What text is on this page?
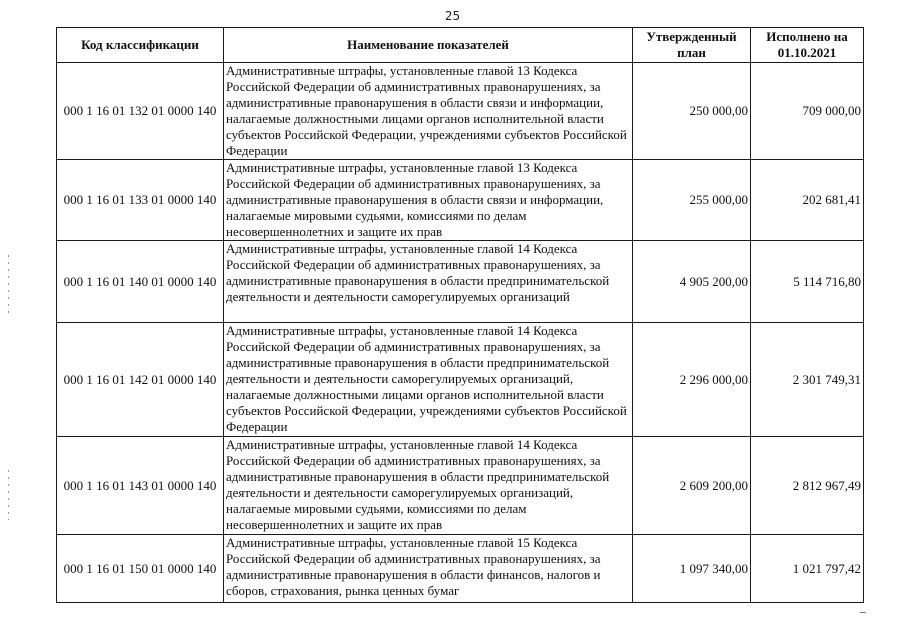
25
Код классификации	Наименование показателей	Утвержденный план	Исполнено на 01.10.2021
000 1 16 01 132 01 0000 140	Административные штрафы, установленные главой 13 Кодекса Российской Федерации об административных правонарушениях, за административные правонарушения в области связи и информации, налагаемые должностными лицами органов исполнительной власти субъектов Российской Федерации, учреждениями субъектов Российской Федерации	250 000,00	709 000,00
000 1 16 01 133 01 0000 140	Административные штрафы, установленные главой 13 Кодекса Российской Федерации об административных правонарушениях, за административные правонарушения в области связи и информации, налагаемые мировыми судьями, комиссиями по делам несовершеннолетних и защите их прав	255 000,00	202 681,41
000 1 16 01 140 01 0000 140	Административные штрафы, установленные главой 14 Кодекса Российской Федерации об административных правонарушениях, за административные правонарушения в области предпринимательской деятельности и деятельности саморегулируемых организаций	4 905 200,00	5 114 716,80
000 1 16 01 142 01 0000 140	Административные штрафы, установленные главой 14 Кодекса Российской Федерации об административных правонарушениях, за административные правонарушения в области предпринимательской деятельности и деятельности саморегулируемых организаций, налагаемые должностными лицами органов исполнительной власти субъектов Российской Федерации, учреждениями субъектов Российской Федерации	2 296 000,00	2 301 749,31
000 1 16 01 143 01 0000 140	Административные штрафы, установленные главой 14 Кодекса Российской Федерации об административных правонарушениях, за административные правонарушения в области предпринимательской деятельности и деятельности саморегулируемых организаций, налагаемые мировыми судьями, комиссиями по делам несовершеннолетних и защите их прав	2 609 200,00	2 812 967,49
000 1 16 01 150 01 0000 140	Административные штрафы, установленные главой 15 Кодекса Российской Федерации об административных правонарушениях, за административные правонарушения в области финансов, налогов и сборов, страхования, рынка ценных бумаг	1 097 340,00	1 021 797,42
